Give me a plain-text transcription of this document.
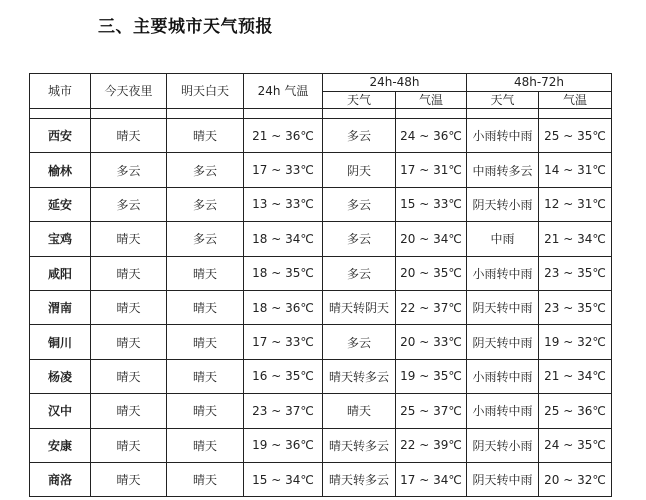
三、主要城市天气预报
城市	今天夜里	明天白天	24h 气温	24h-48h		48h-72h	
				天气	气温	天气	气温

西安	晴天	晴天	21 ~ 36℃	多云	24 ~ 36℃	小雨转中雨	25 ~ 35℃
榆林	多云	多云	17 ~ 33℃	阴天	17 ~ 31℃	中雨转多云	14 ~ 31℃
延安	多云	多云	13 ~ 33℃	多云	15 ~ 33℃	阴天转小雨	12 ~ 31℃
宝鸡	晴天	多云	18 ~ 34℃	多云	20 ~ 34℃	中雨	21 ~ 34℃
咸阳	晴天	晴天	18 ~ 35℃	多云	20 ~ 35℃	小雨转中雨	23 ~ 35℃
渭南	晴天	晴天	18 ~ 36℃	晴天转阴天	22 ~ 37℃	阴天转中雨	23 ~ 35℃
铜川	晴天	晴天	17 ~ 33℃	多云	20 ~ 33℃	阴天转中雨	19 ~ 32℃
杨凌	晴天	晴天	16 ~ 35℃	晴天转多云	19 ~ 35℃	小雨转中雨	21 ~ 34℃
汉中	晴天	晴天	23 ~ 37℃	晴天	25 ~ 37℃	小雨转中雨	25 ~ 36℃
安康	晴天	晴天	19 ~ 36℃	晴天转多云	22 ~ 39℃	阴天转小雨	24 ~ 35℃
商洛	晴天	晴天	15 ~ 34℃	晴天转多云	17 ~ 34℃	阴天转中雨	20 ~ 32℃
